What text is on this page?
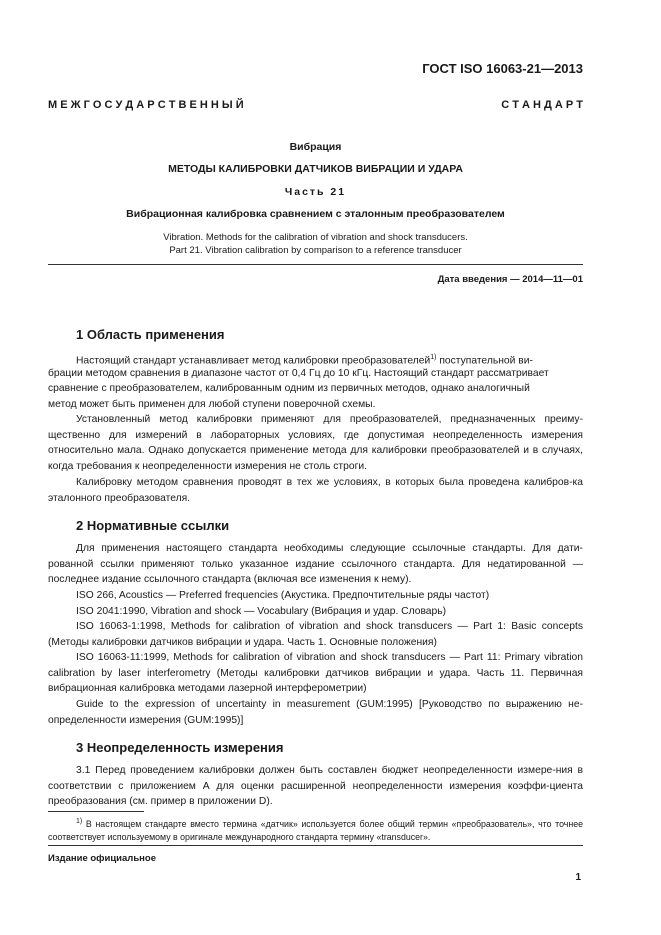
ГОСТ ISO 16063-21—2013
М Е Ж Г О С У Д А Р С Т В Е Н Н Ы Й	С Т А Н Д А Р Т
Вибрация
МЕТОДЫ КАЛИБРОВКИ ДАТЧИКОВ ВИБРАЦИИ И УДАРА
Часть 21
Вибрационная калибровка сравнением с эталонным преобразователем
Vibration. Methods for the calibration of vibration and shock transducers.
Part 21. Vibration calibration by comparison to a reference transducer
Дата введения — 2014—11—01
1 Область применения
Настоящий стандарт устанавливает метод калибровки преобразователей$^{1)}$ поступательной ви-
брации методом сравнения в диапазоне частот от 0,4 Гц до 10 кГц. Настоящий стандарт рассматривает
сравнение с преобразователем, калиброванным одним из первичных методов, однако аналогичный
метод может быть применен для любой ступени поверочной схемы.
Установленный метод калибровки применяют для преобразователей, предназначенных преиму-щественно для измерений в лабораторных условиях, где допустимая неопределенность измерения относительно мала. Однако допускается применение метода для калибровки преобразователей и в случаях, когда требования к неопределенности измерения не столь строги.
Калибровку методом сравнения проводят в тех же условиях, в которых была проведена калибров-ка эталонного преобразователя.
2 Нормативные ссылки
Для применения настоящего стандарта необходимы следующие ссылочные стандарты. Для дати-рованной ссылки применяют только указанное издание ссылочного стандарта. Для недатированной — последнее издание ссылочного стандарта (включая все изменения к нему).
ISO 266, Acoustics — Preferred frequencies (Акустика. Предпочтительные ряды частот)
ISO 2041:1990, Vibration and shock — Vocabulary (Вибрация и удар. Словарь)
ISO 16063-1:1998, Methods for calibration of vibration and shock transducers — Part 1: Basic concepts (Методы калибровки датчиков вибрации и удара. Часть 1. Основные положения)
ISO 16063-11:1999, Methods for calibration of vibration and shock transducers — Part 11: Primary vibration calibration by laser interferometry (Методы калибровки датчиков вибрации и удара. Часть 11. Первичная вибрационная калибровка методами лазерной интерферометрии)
Guide to the expression of uncertainty in measurement (GUM:1995) [Руководство по выражению не-определенности измерения (GUM:1995)]
3 Неопределенность измерения
3.1 Перед проведением калибровки должен быть составлен бюджет неопределенности измере-ния в соответствии с приложением А для оценки расширенной неопределенности измерения коэффи-циента преобразования (см. пример в приложении D).
$^{1)}$ В настоящем стандарте вместо термина «датчик» используется более общий термин «преобразователь», что точнее соответствует используемому в оригинале международного стандарта термину «transducer».
Издание официальное
1
